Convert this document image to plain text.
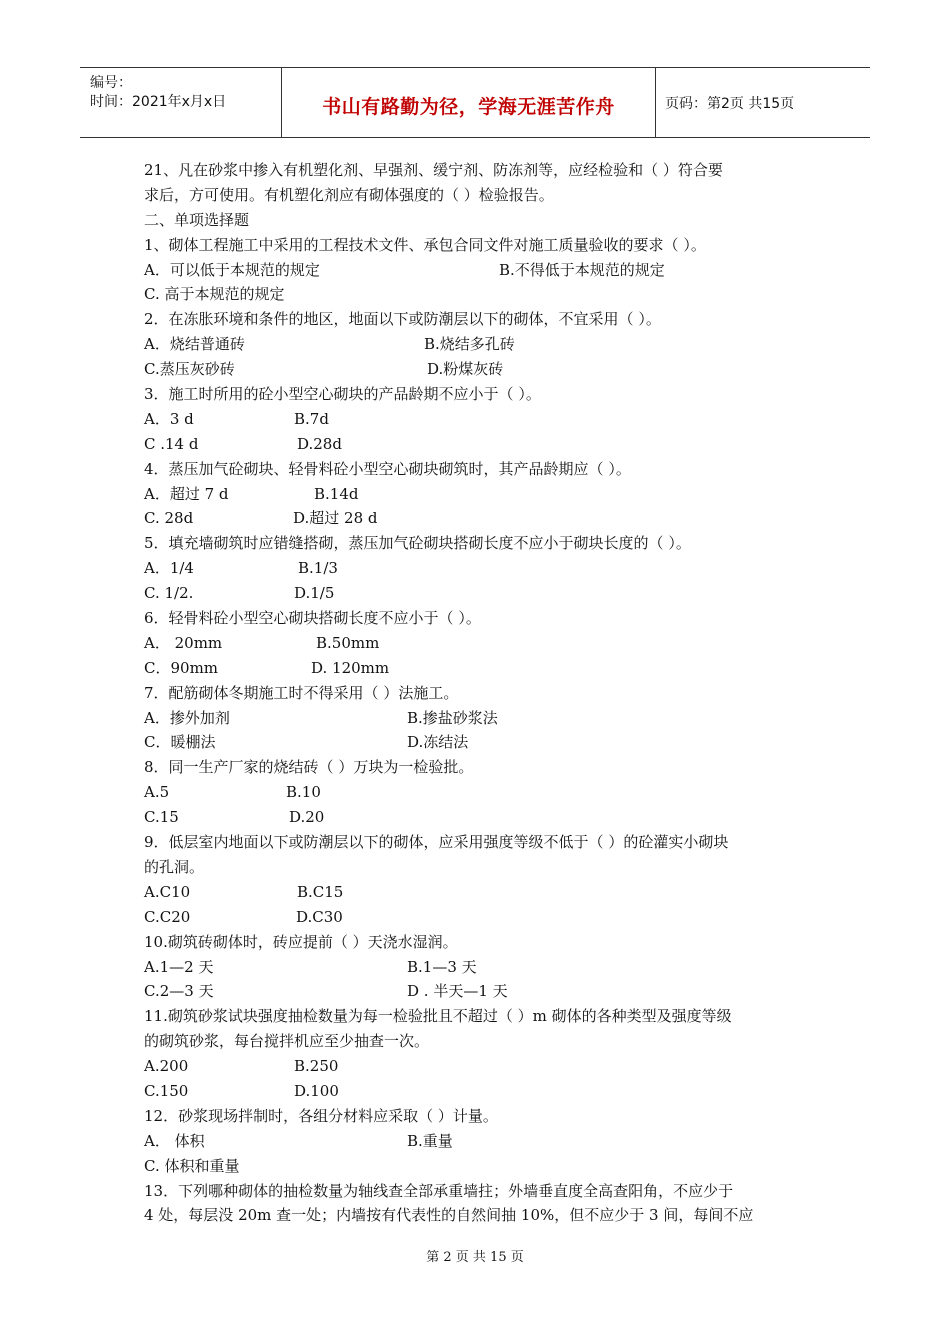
编号：
时间：2021年x月x日	书山有路勤为径，学海无涯苦作舟	页码：第2页 共15页
21、凡在砂浆中掺入有机塑化剂、早强剂、缓宁剂、防冻剂等，应经检验和（ ）符合要
求后，方可使用。有机塑化剂应有砌体强度的（ ）检验报告。
二、单项选择题
1、砌体工程施工中采用的工程技术文件、承包合同文件对施工质量验收的要求（ ）。
A．可以低于本规范的规定	B.不得低于本规范的规定
C. 高于本规范的规定
2．在冻胀环境和条件的地区，地面以下或防潮层以下的砌体，不宜采用（ ）。
A．烧结普通砖	B.烧结多孔砖
C.蒸压灰砂砖	D.粉煤灰砖
3．施工时所用的砼小型空心砌块的产品龄期不应小于（ ）。
A．3 d	B.7d
C .14 d	D.28d
4．蒸压加气砼砌块、轻骨料砼小型空心砌块砌筑时，其产品龄期应（ ）。
A．超过 7 d	B.14d
C. 28d	D.超过 28 d
5．填充墙砌筑时应错缝搭砌，蒸压加气砼砌块搭砌长度不应小于砌块长度的（ ）。
A．1/4	B.1/3
C. 1/2.	D.1/5
6．轻骨料砼小型空心砌块搭砌长度不应小于（ ）。
A． 20mm	B.50mm
C．90mm	D. 120mm
7．配筋砌体冬期施工时不得采用（ ）法施工。
A．掺外加剂	B.掺盐砂浆法
C．暖棚法	D.冻结法
8．同一生产厂家的烧结砖（ ）万块为一检验批。
A.5	B.10
C.15	D.20
9．低层室内地面以下或防潮层以下的砌体，应采用强度等级不低于（ ）的砼灌实小砌块
的孔洞。
A.C10	B.C15
C.C20	D.C30
10.砌筑砖砌体时，砖应提前（ ）天浇水湿润。
A.1—2 天	B.1—3 天
C.2—3 天	D . 半天—1 天
11.砌筑砂浆试块强度抽检数量为每一检验批且不超过（ ）m 砌体的各种类型及强度等级
的砌筑砂浆，每台搅拌机应至少抽查一次。
A.200	B.250
C.150	D.100
12．砂浆现场拌制时，各组分材料应采取（ ）计量。
A． 体积	B.重量
C. 体积和重量
13．下列哪种砌体的抽检数量为轴线查全部承重墙拄；外墙垂直度全高查阳角，不应少于
4 处，每层没 20m 查一处；内墙按有代表性的自然间抽 10%，但不应少于 3 间，每间不应
第 2 页 共 15 页
